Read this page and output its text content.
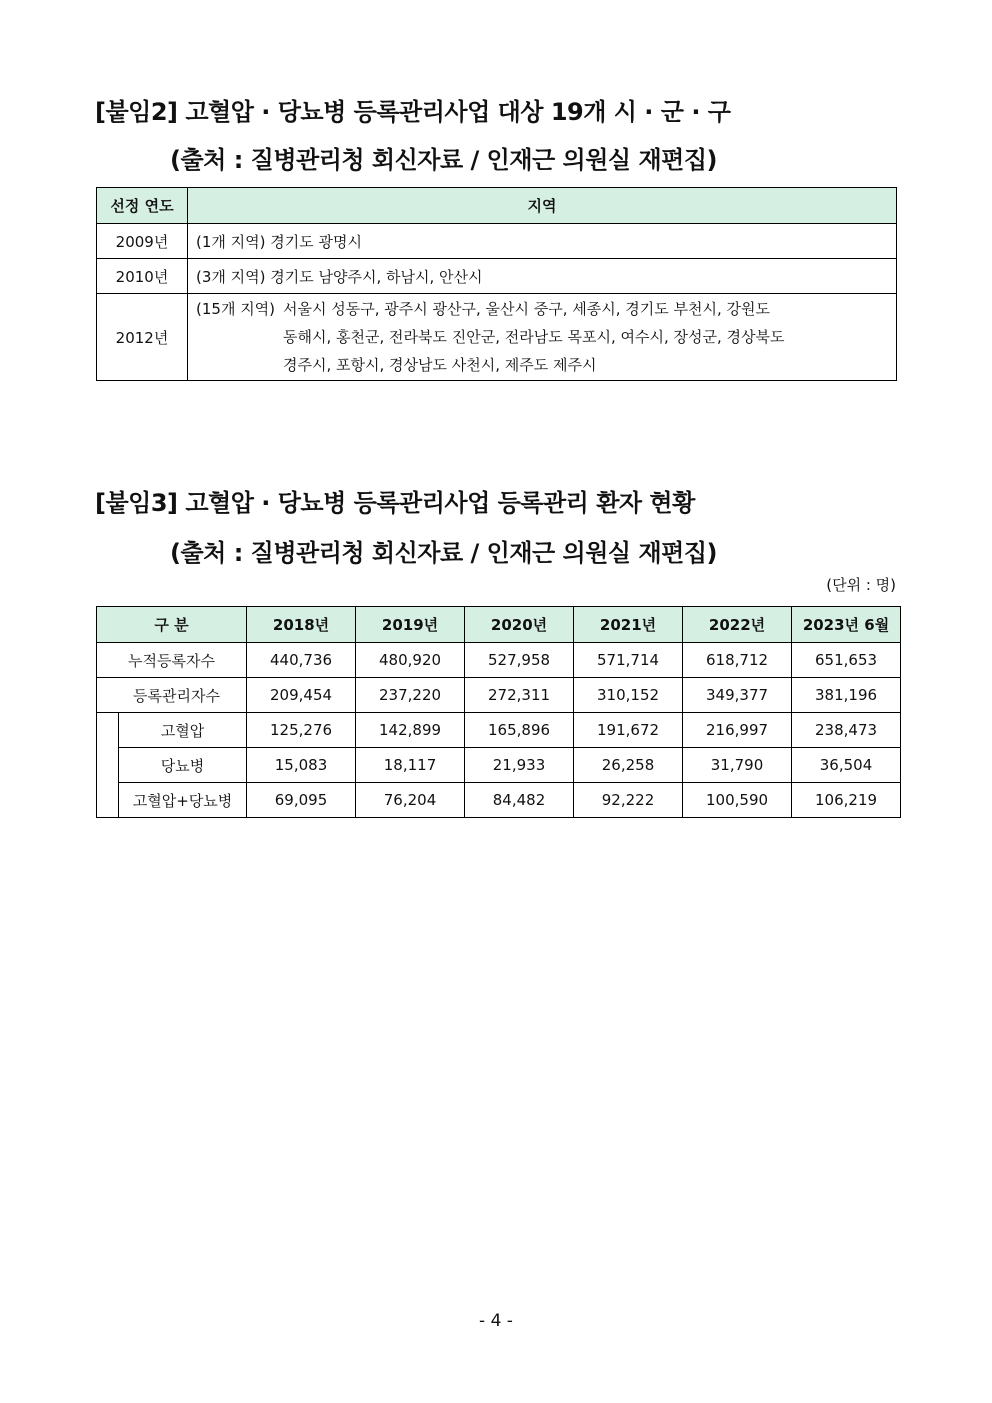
[붙임2] 고혈압 · 당뇨병 등록관리사업 대상 19개 시 · 군 · 구
(출처 : 질병관리청 회신자료 / 인재근 의원실 재편집)
선정 연도	지역
2009년	(1개 지역) 경기도 광명시
2010년	(3개 지역) 경기도 남양주시, 하남시, 안산시
2012년	(15개 지역) 서울시 성동구, 광주시 광산구, 울산시 중구, 세종시, 경기도 부천시, 강원도
동해시, 홍천군, 전라북도 진안군, 전라남도 목포시, 여수시, 장성군, 경상북도
경주시, 포항시, 경상남도 사천시, 제주도 제주시
[붙임3] 고혈압 · 당뇨병 등록관리사업 등록관리 환자 현황
(출처 : 질병관리청 회신자료 / 인재근 의원실 재편집)
(단위 : 명)
구 분		2018년	2019년	2020년	2021년	2022년	2023년 6월
누적등록자수		440,736	480,920	527,958	571,714	618,712	651,653
등록관리자수		209,454	237,220	272,311	310,152	349,377	381,196
	고혈압	125,276	142,899	165,896	191,672	216,997	238,473
	당뇨병	15,083	18,117	21,933	26,258	31,790	36,504
	고혈압+당뇨병	69,095	76,204	84,482	92,222	100,590	106,219
- 4 -
